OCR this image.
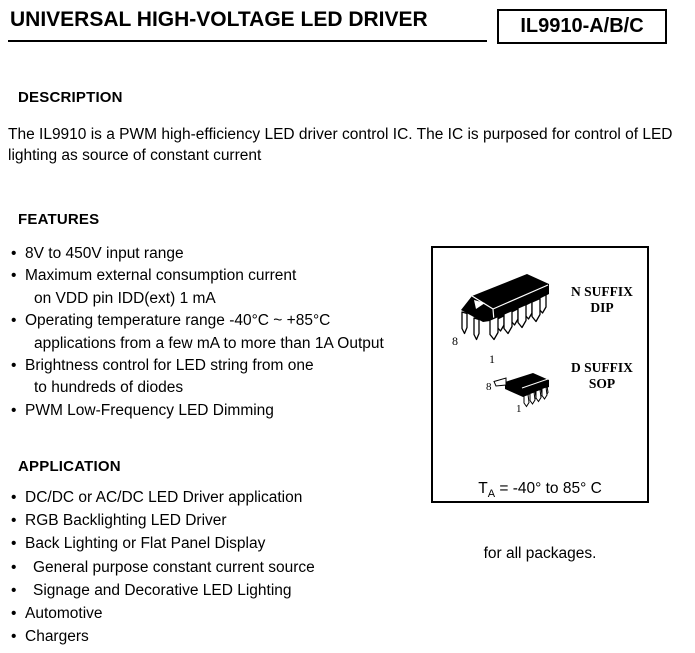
UNIVERSAL HIGH-VOLTAGE LED DRIVER	IL9910-A/B/C
DESCRIPTION

The IL9910 is a PWM high-efficiency LED driver control IC. The IC is purposed for control of LED lighting as source of constant current

FEATURES
• 8V to 450V input range
• Maximum external consumption current
on VDD pin IDD(ext) 1 mA
• Operating temperature range -40°C ~ +85°C
applications from a few mA to more than 1A Output
• Brightness control for LED string from one
to hundreds of diodes
• PWM Low-Frequency LED Dimming
8
1
N SUFFIX
DIP
8
1
D SUFFIX
SOP

$T_A = -40^\circ$ to 85° C

for all packages.

APPLICATION
• DC/DC or AC/DC LED Driver application
• RGB Backlighting LED Driver
• Back Lighting or Flat Panel Display
•	General purpose constant current source
•	Signage and Decorative LED Lighting
• Automotive
• Chargers
